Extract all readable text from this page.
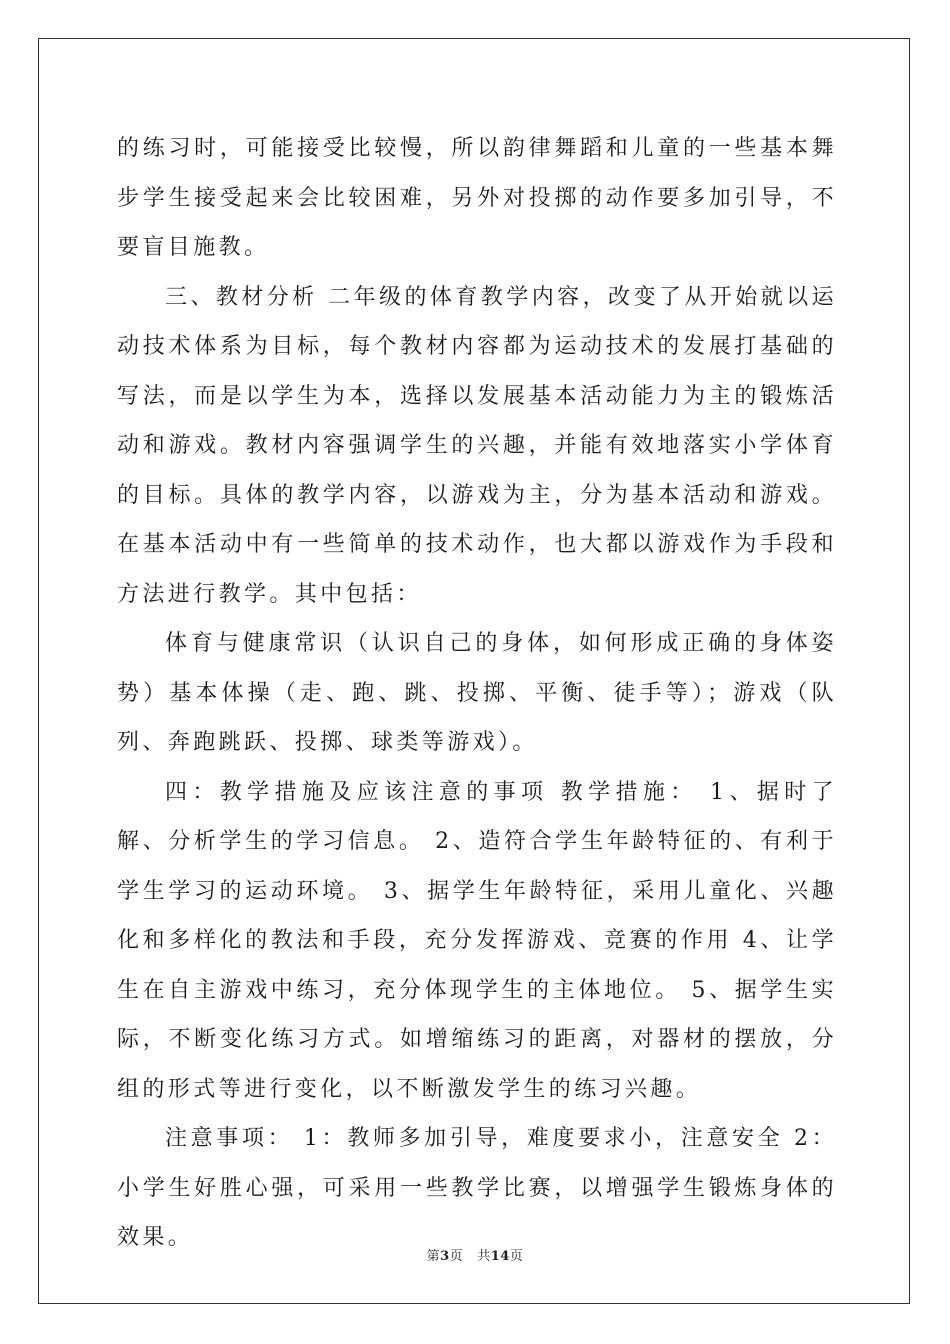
的练习时，可能接受比较慢，所以韵律舞蹈和儿童的一些基本舞步学生接受起来会比较困难，另外对投掷的动作要多加引导，不要盲目施教。

三、教材分析 二年级的体育教学内容，改变了从开始就以运动技术体系为目标，每个教材内容都为运动技术的发展打基础的写法，而是以学生为本，选择以发展基本活动能力为主的锻炼活动和游戏。教材内容强调学生的兴趣，并能有效地落实小学体育的目标。具体的教学内容，以游戏为主，分为基本活动和游戏。在基本活动中有一些简单的技术动作，也大都以游戏作为手段和方法进行教学。其中包括：

体育与健康常识（认识自己的身体，如何形成正确的身体姿势）基本体操（走、跑、跳、投掷、平衡、徒手等）；游戏（队列、奔跑跳跃、投掷、球类等游戏）。

四：教学措施及应该注意的事项 教学措施： 1、据时了解、分析学生的学习信息。 2、造符合学生年龄特征的、有利于学生学习的运动环境。 3、据学生年龄特征，采用儿童化、兴趣化和多样化的教法和手段，充分发挥游戏、竞赛的作用 4、让学生在自主游戏中练习，充分体现学生的主体地位。 5、据学生实际，不断变化练习方式。如增缩练习的距离，对器材的摆放，分组的形式等进行变化，以不断激发学生的练习兴趣。

注意事项： 1：教师多加引导，难度要求小，注意安全 2：小学生好胜心强，可采用一些教学比赛，以增强学生锻炼身体的效果。

第3页 共14页
